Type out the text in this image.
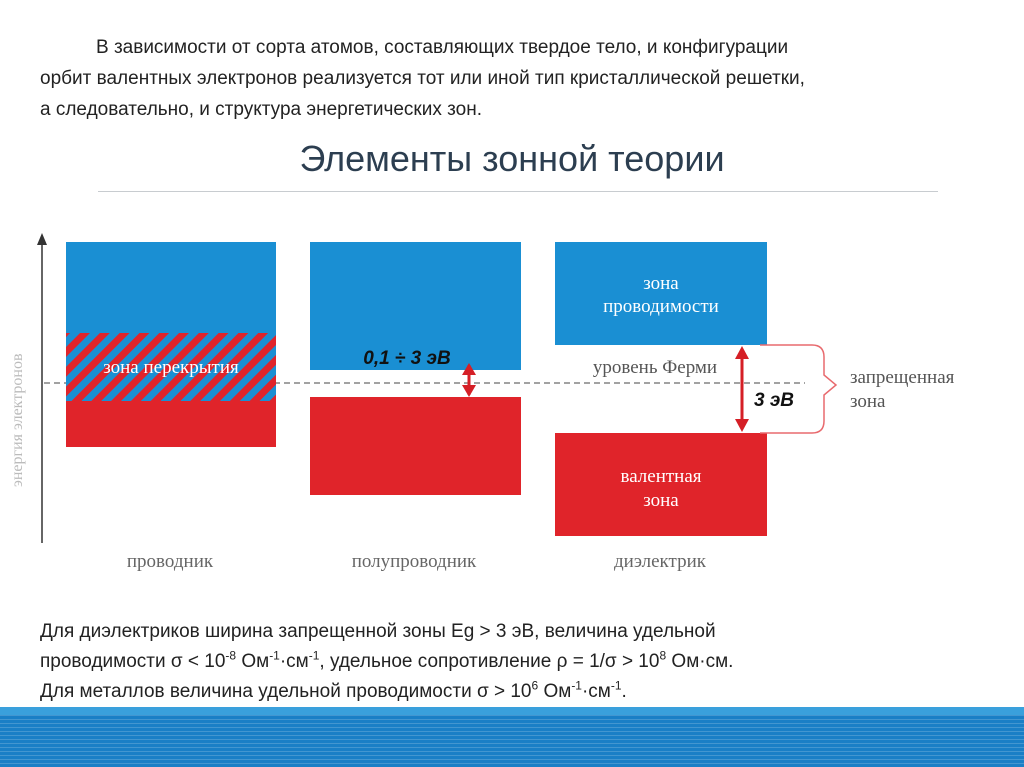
В зависимости от сорта атомов, составляющих твердое тело, и конфигурации
орбит валентных электронов реализуется тот или иной тип кристаллической решетки,
а следовательно, и структура энергетических зон.
Элементы зонной теории
энергия электронов	зона перекрытия	0,1 ÷ 3 эВ
зона
проводимости
валентная
зона
уровень Ферми
3 эВ
запрещенная
зона
проводник	полупроводник	диэлектрик
Для диэлектриков ширина запрещенной зоны Eg > 3 эВ, величина удельной
проводимости $\sigma < 10^{-8}$ $Ом^{-1}\cdot см^{-1}$, удельное сопротивление $\rho = 1/\sigma > 10^8$ Ом·см.
Для металлов величина удельной проводимости $\sigma > 10^6$ $Ом^{-1}\cdot см^{-1}$.
